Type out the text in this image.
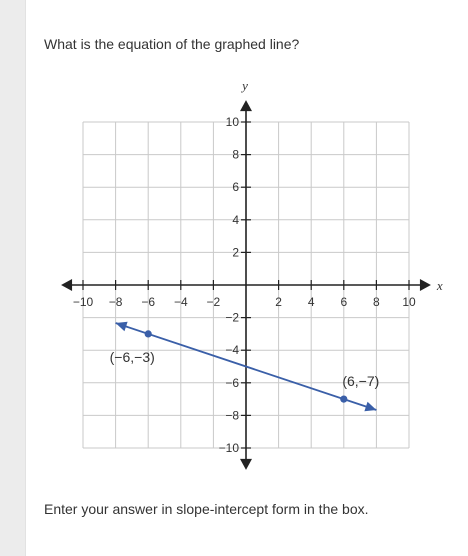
What is the equation of the graphed line?

−10 −8 −6 −4 −2	2 4 6 8 10
−10
−8
−6
−4
−2
2
4
6
8
10
x
y
(−6,−3)
(6,−7)

Enter your answer in slope-intercept form in the box.
